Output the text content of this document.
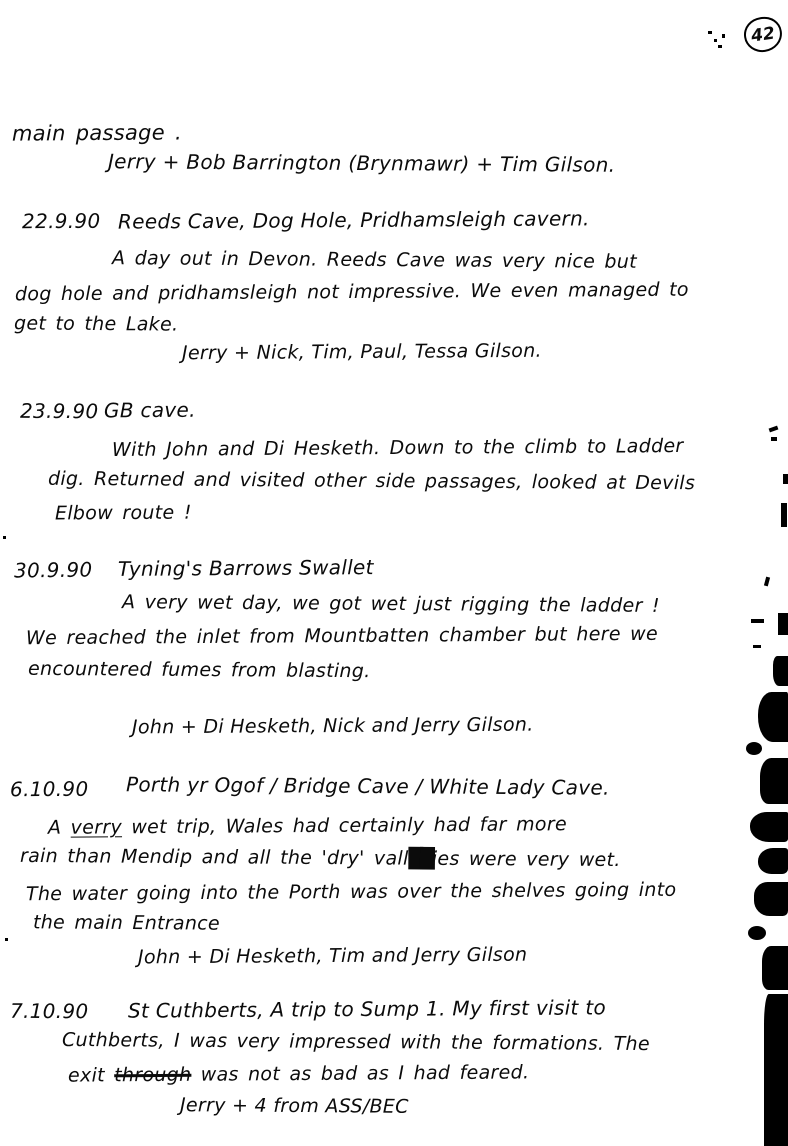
42
main passage .
Jerry + Bob Barrington (Brynmawr) + Tim Gilson.
22.9.90 Reeds Cave, Dog Hole, Pridhamsleigh cavern.
A day out in Devon. Reeds Cave was very nice but
dog hole and pridhamsleigh not impressive. We even managed to
get to the Lake.
Jerry + Nick, Tim, Paul, Tessa Gilson.
23.9.90 GB cave.
With John and Di Hesketh. Down to the climb to Ladder
dig. Returned and visited other side passages, looked at Devils
Elbow route !
30.9.90 Tyning's Barrows Swallet
A very wet day, we got wet just rigging the ladder !
We reached the inlet from Mountbatten chamber but here we
encountered fumes from blasting.
John + Di Hesketh, Nick and Jerry Gilson.
6.10.90 Porth yr Ogof / Bridge Cave / White Lady Cave.
A verry wet trip, Wales had certainly had far more
rain than Mendip and all the 'dry' vall██ies were very wet.
The water going into the Porth was over the shelves going into
the main Entrance
John + Di Hesketh, Tim and Jerry Gilson
7.10.90 St Cuthberts, A trip to Sump 1. My first visit to
Cuthberts, I was very impressed with the formations. The
exit through was not as bad as I had feared.
Jerry + 4 from ASS/BEC
